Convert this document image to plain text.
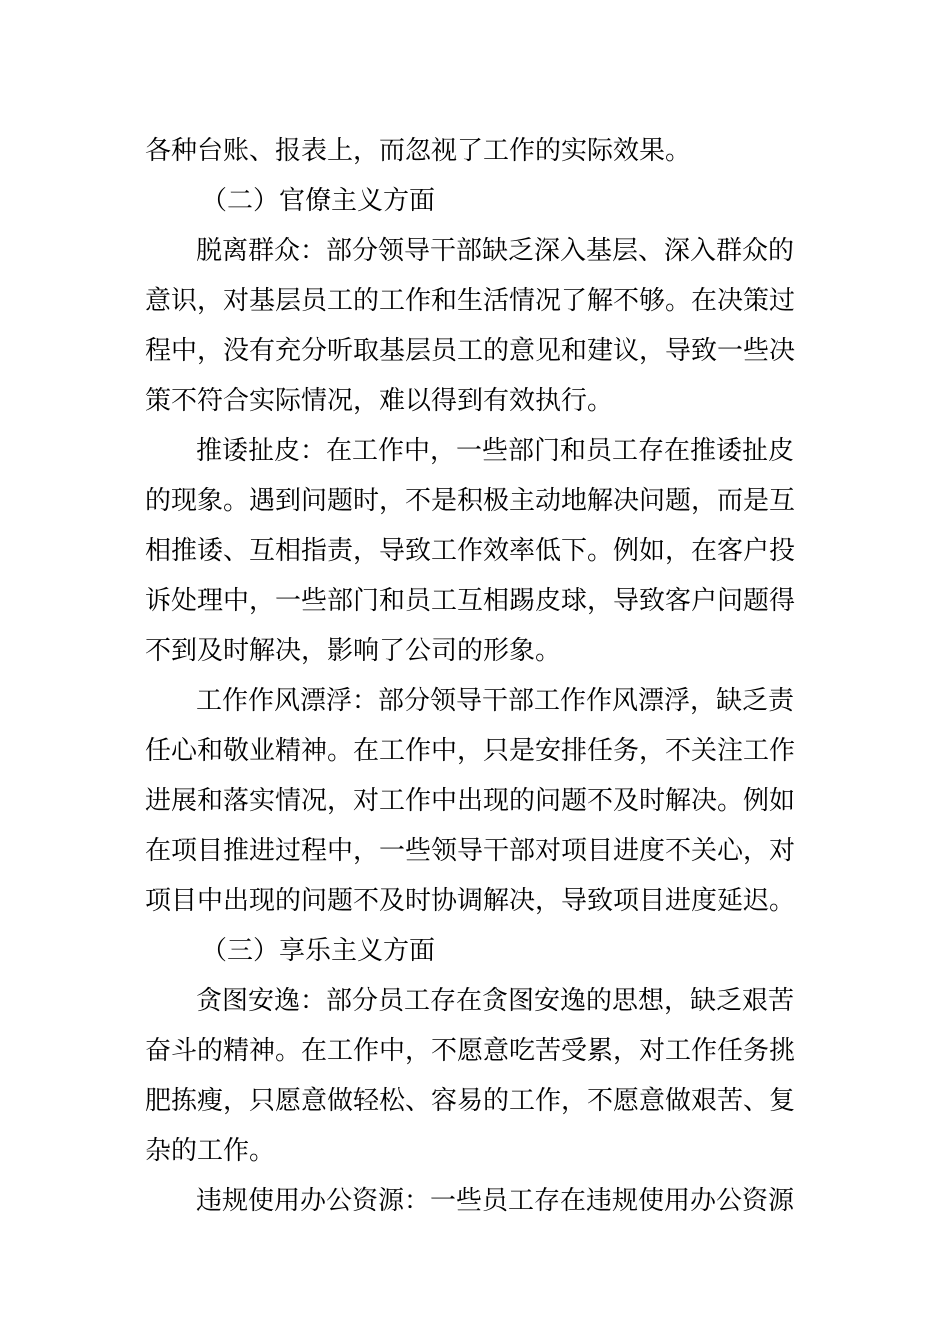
各种台账、报表上，而忽视了工作的实际效果。
（二）官僚主义方面
脱离群众：部分领导干部缺乏深入基层、深入群众的
意识，对基层员工的工作和生活情况了解不够。在决策过
程中，没有充分听取基层员工的意见和建议，导致一些决
策不符合实际情况，难以得到有效执行。
推诿扯皮：在工作中，一些部门和员工存在推诿扯皮
的现象。遇到问题时，不是积极主动地解决问题，而是互
相推诿、互相指责，导致工作效率低下。例如，在客户投
诉处理中，一些部门和员工互相踢皮球，导致客户问题得
不到及时解决，影响了公司的形象。
工作作风漂浮：部分领导干部工作作风漂浮，缺乏责
任心和敬业精神。在工作中，只是安排任务，不关注工作
进展和落实情况，对工作中出现的问题不及时解决。例如
在项目推进过程中，一些领导干部对项目进度不关心，对
项目中出现的问题不及时协调解决，导致项目进度延迟。
（三）享乐主义方面
贪图安逸：部分员工存在贪图安逸的思想，缺乏艰苦
奋斗的精神。在工作中，不愿意吃苦受累，对工作任务挑
肥拣瘦，只愿意做轻松、容易的工作，不愿意做艰苦、复
杂的工作。
违规使用办公资源：一些员工存在违规使用办公资源
